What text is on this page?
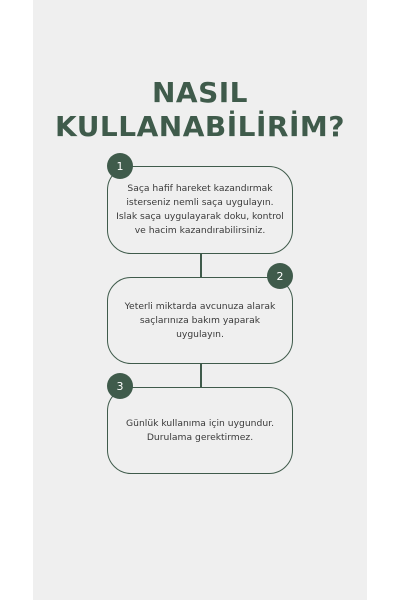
NASIL
KULLANABİLİRİM?
Saça hafif hareket kazandırmak isterseniz nemli saça uygulayın. Islak saça uygulayarak doku, kontrol ve hacim kazandırabilirsiniz.
1
Yeterli miktarda avcunuza alarak saçlarınıza bakım yaparak uygulayın.
2
Günlük kullanıma için uygundur. Durulama gerektirmez.
3
